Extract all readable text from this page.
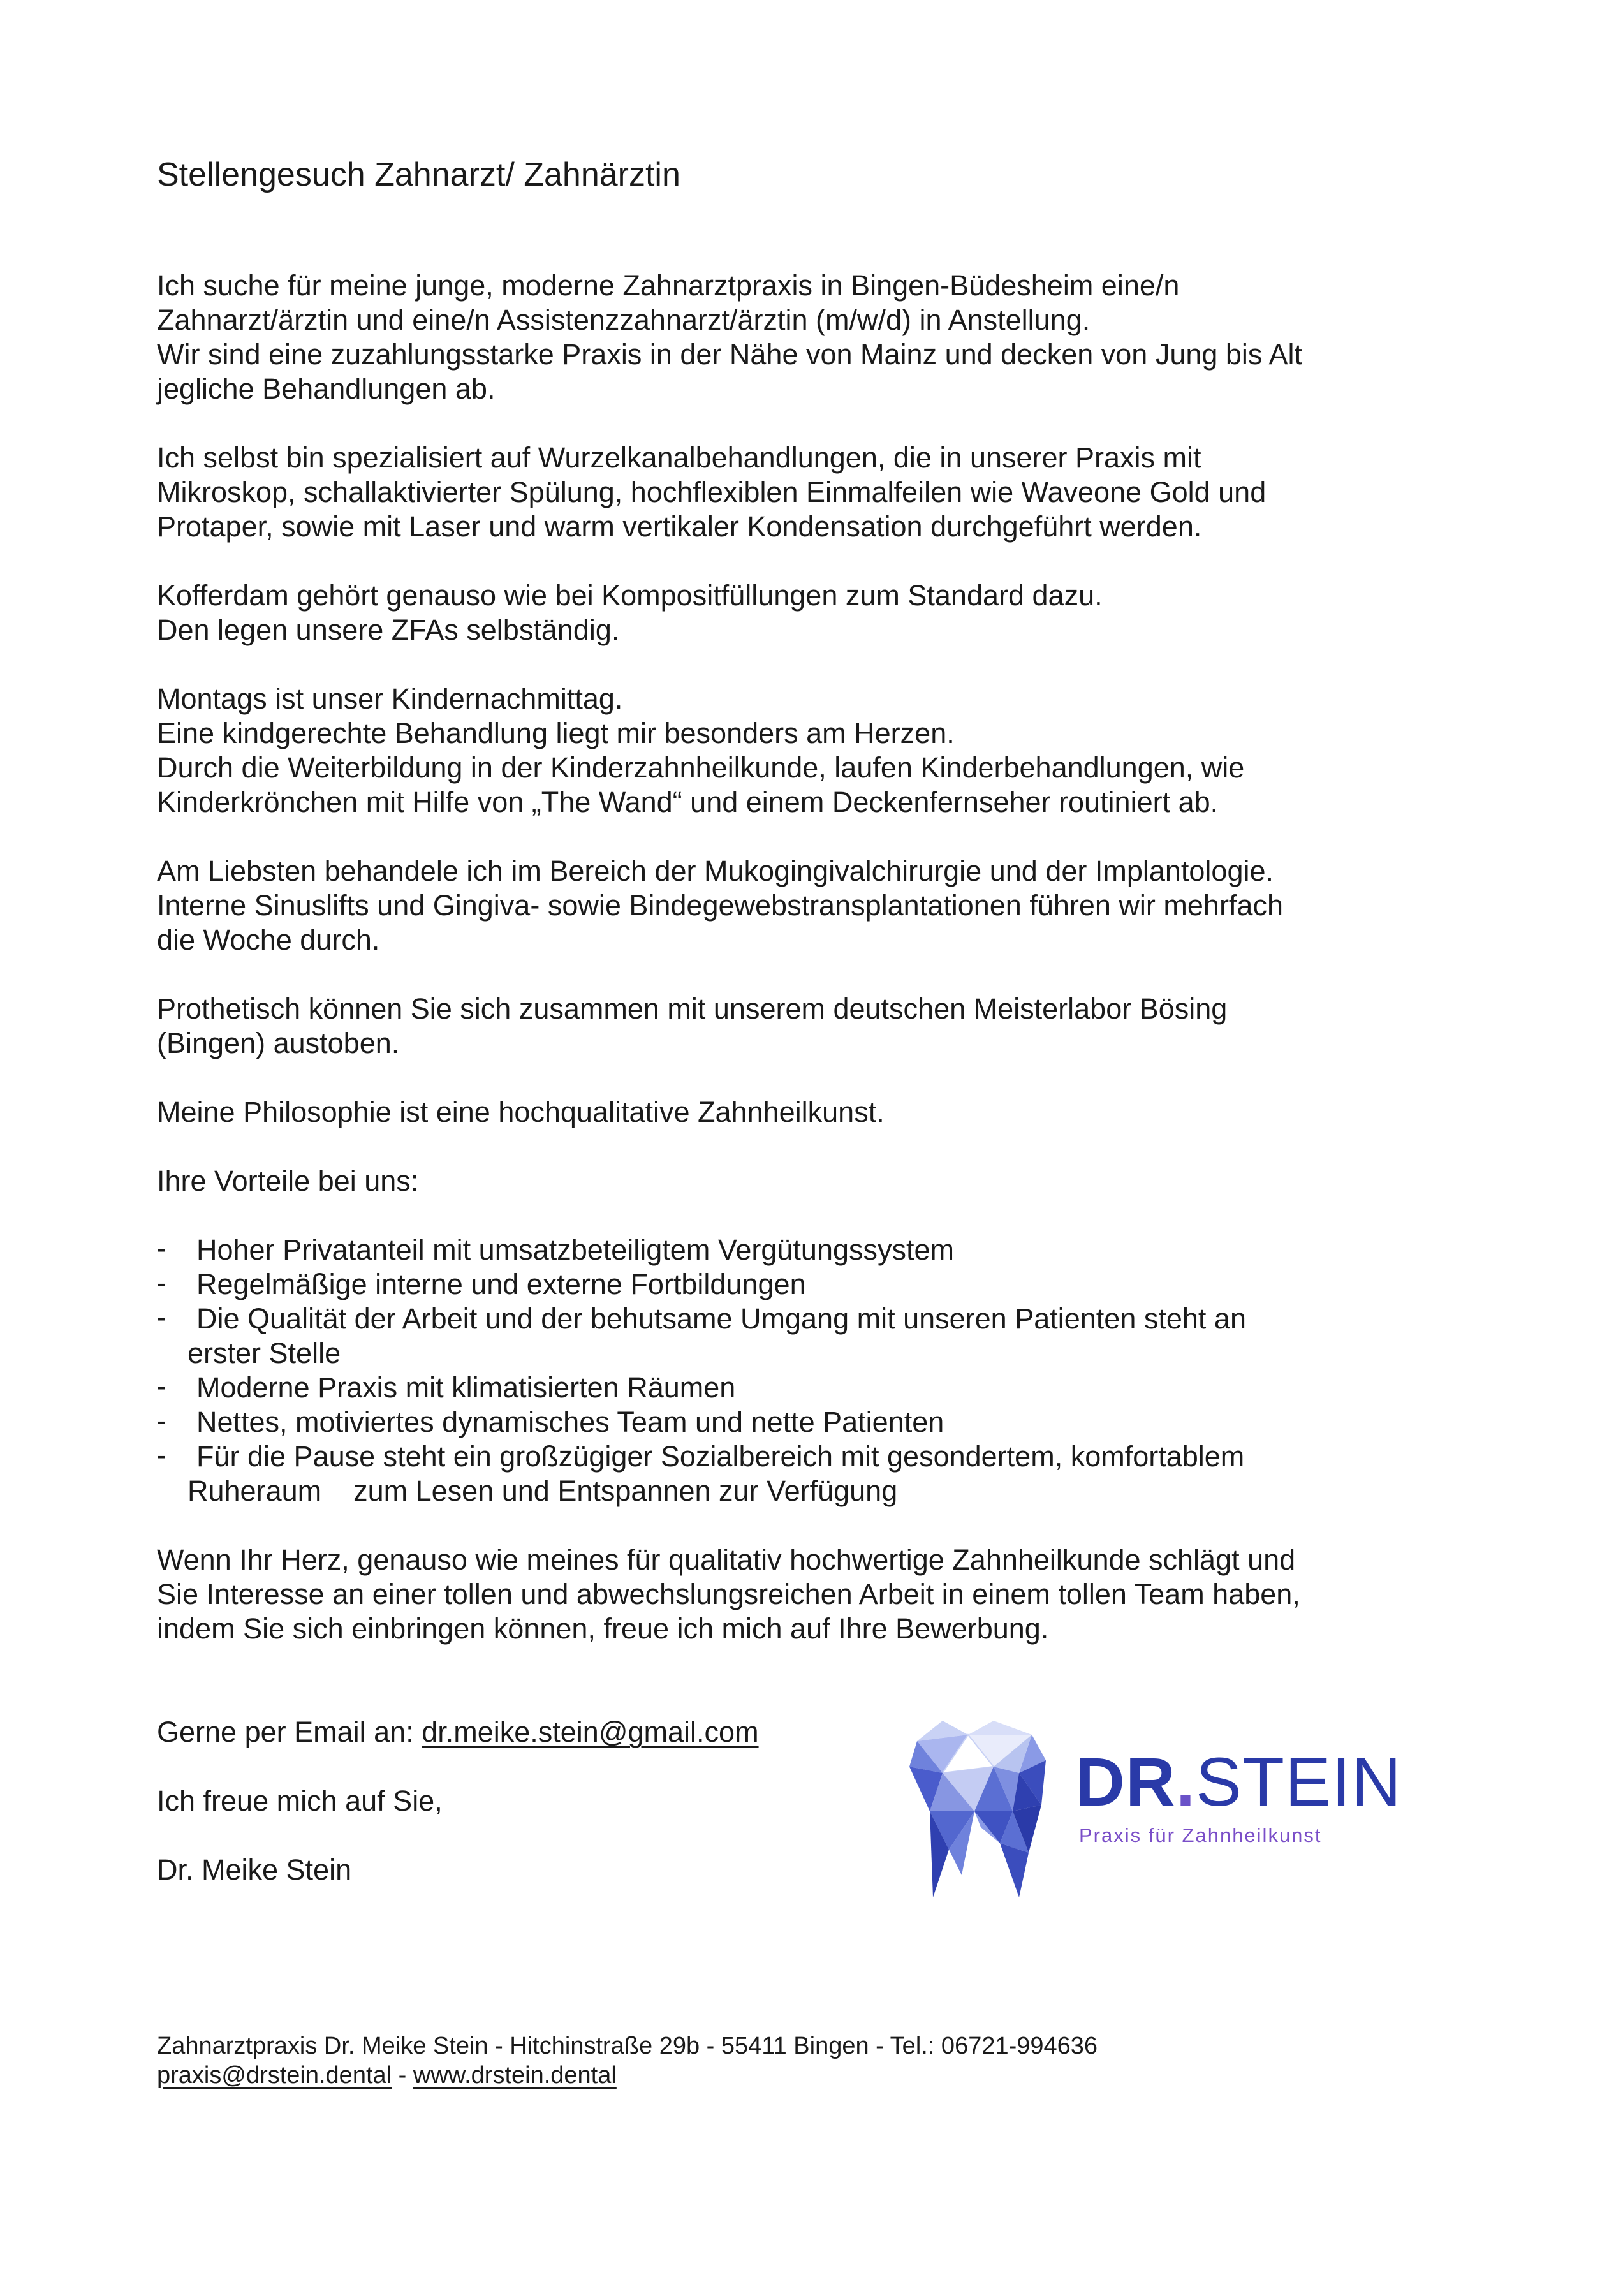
Stellengesuch Zahnarzt/ Zahnärztin
Ich suche für meine junge, moderne Zahnarztpraxis in Bingen-Büdesheim eine/n
Zahnarzt/ärztin und eine/n Assistenzzahnarzt/ärztin (m/w/d) in Anstellung.
Wir sind eine zuzahlungsstarke Praxis in der Nähe von Mainz und decken von Jung bis Alt
jegliche Behandlungen ab.
Ich selbst bin spezialisiert auf Wurzelkanalbehandlungen, die in unserer Praxis mit
Mikroskop, schallaktivierter Spülung, hochflexiblen Einmalfeilen wie Waveone Gold und
Protaper, sowie mit Laser und warm vertikaler Kondensation durchgeführt werden.
Kofferdam gehört genauso wie bei Kompositfüllungen zum Standard dazu.
Den legen unsere ZFAs selbständig.
Montags ist unser Kindernachmittag.
Eine kindgerechte Behandlung liegt mir besonders am Herzen.
Durch die Weiterbildung in der Kinderzahnheilkunde, laufen Kinderbehandlungen, wie
Kinderkrönchen mit Hilfe von „The Wand“ und einem Deckenfernseher routiniert ab.
Am Liebsten behandele ich im Bereich der Mukogingivalchirurgie und der Implantologie.
Interne Sinuslifts und Gingiva- sowie Bindegewebstransplantationen führen wir mehrfach
die Woche durch.
Prothetisch können Sie sich zusammen mit unserem deutschen Meisterlabor Bösing
(Bingen) austoben.
Meine Philosophie ist eine hochqualitative Zahnheilkunst.
Ihre Vorteile bei uns:
- Hoher Privatanteil mit umsatzbeteiligtem Vergütungssystem
- Regelmäßige interne und externe Fortbildungen
- Die Qualität der Arbeit und der behutsame Umgang mit unseren Patienten steht an
erster Stelle
- Moderne Praxis mit klimatisierten Räumen
- Nettes, motiviertes dynamisches Team und nette Patienten
- Für die Pause steht ein großzügiger Sozialbereich mit gesondertem, komfortablem
Ruheraum    zum Lesen und Entspannen zur Verfügung
Wenn Ihr Herz, genauso wie meines für qualitativ hochwertige Zahnheilkunde schlägt und
Sie Interesse an einer tollen und abwechslungsreichen Arbeit in einem tollen Team haben,
indem Sie sich einbringen können, freue ich mich auf Ihre Bewerbung.
Gerne per Email an: dr.meike.stein@gmail.com
Ich freue mich auf Sie,
Dr. Meike Stein
DR.STEIN
Praxis für Zahnheilkunst
Zahnarztpraxis Dr. Meike Stein - Hitchinstraße 29b - 55411 Bingen - Tel.: 06721-994636
praxis@drstein.dental - www.drstein.dental
